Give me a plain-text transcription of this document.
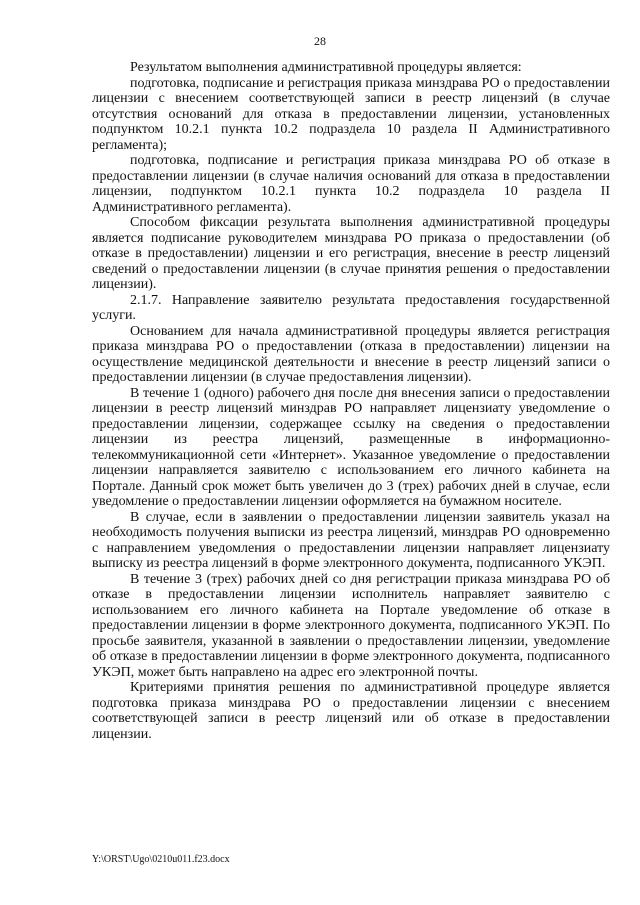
28

Результатом выполнения административной процедуры является:

подготовка, подписание и регистрация приказа минздрава РО о предоставлении лицензии с внесением соответствующей записи в реестр лицензий (в случае отсутствия оснований для отказа в предоставлении лицензии, установленных подпунктом 10.2.1 пункта 10.2 подраздела 10 раздела II Административного регламента);

подготовка, подписание и регистрация приказа минздрава РО об отказе в предоставлении лицензии (в случае наличия оснований для отказа в предоставлении лицензии, подпунктом 10.2.1 пункта 10.2 подраздела 10 раздела II Административного регламента).

Способом фиксации результата выполнения административной процедуры является подписание руководителем минздрава РО приказа о предоставлении (об отказе в предоставлении) лицензии и его регистрация, внесение в реестр лицензий сведений о предоставлении лицензии (в случае принятия решения о предоставлении лицензии).

2.1.7. Направление заявителю результата предоставления государственной услуги.

Основанием для начала административной процедуры является регистрация приказа минздрава РО о предоставлении (отказа в предоставлении) лицензии на осуществление медицинской деятельности и внесение в реестр лицензий записи о предоставлении лицензии (в случае предоставления лицензии).

В течение 1 (одного) рабочего дня после дня внесения записи о предоставлении лицензии в реестр лицензий минздрав РО направляет лицензиату уведомление о предоставлении лицензии, содержащее ссылку на сведения о предоставлении лицензии из реестра лицензий, размещенные в информационно-телекоммуникационной сети «Интернет». Указанное уведомление о предоставлении лицензии направляется заявителю с использованием его личного кабинета на Портале. Данный срок может быть увеличен до 3 (трех) рабочих дней в случае, если уведомление о предоставлении лицензии оформляется на бумажном носителе.

В случае, если в заявлении о предоставлении лицензии заявитель указал на необходимость получения выписки из реестра лицензий, минздрав РО одновременно с направлением уведомления о предоставлении лицензии направляет лицензиату выписку из реестра лицензий в форме электронного документа, подписанного УКЭП.

В течение 3 (трех) рабочих дней со дня регистрации приказа минздрава РО об отказе в предоставлении лицензии исполнитель направляет заявителю с использованием его личного кабинета на Портале уведомление об отказе в предоставлении лицензии в форме электронного документа, подписанного УКЭП. По просьбе заявителя, указанной в заявлении о предоставлении лицензии, уведомление об отказе в предоставлении лицензии в форме электронного документа, подписанного УКЭП, может быть направлено на адрес его электронной почты.

Критериями принятия решения по административной процедуре является подготовка приказа минздрава РО о предоставлении лицензии с внесением соответствующей записи в реестр лицензий или об отказе в предоставлении лицензии.

Y:\ORST\Ugo\0210u011.f23.docx
